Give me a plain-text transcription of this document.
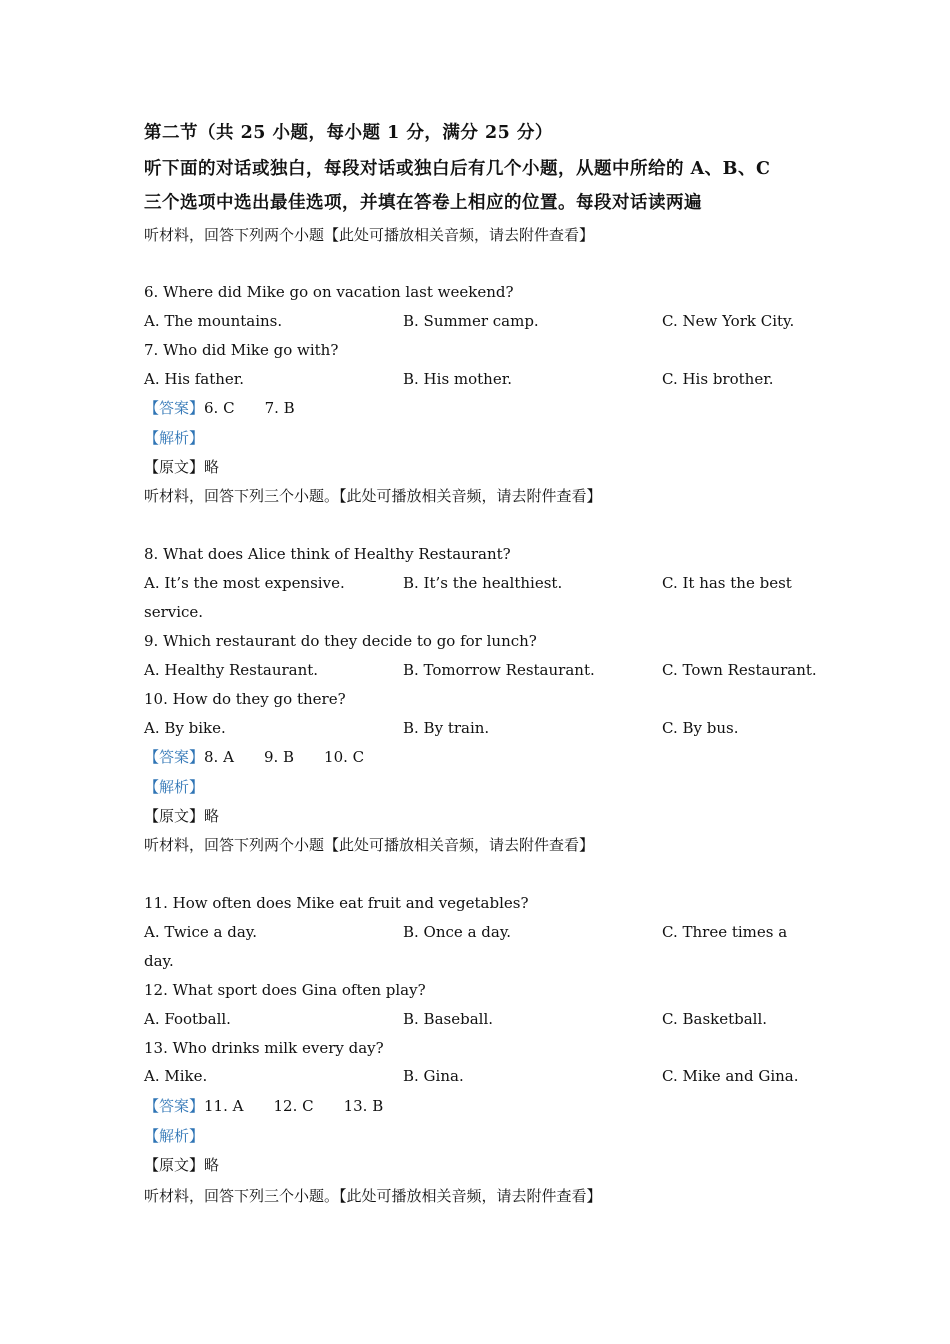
第二节（共 25 小题，每小题 1 分，满分 25 分）
听下面的对话或独白，每段对话或独白后有几个小题，从题中所给的 A、B、C
三个选项中选出最佳选项，并填在答卷上相应的位置。每段对话读两遍
听材料，回答下列两个小题【此处可播放相关音频，请去附件查看】
6. Where did Mike go on vacation last weekend?
A. The mountains.	B. Summer camp.	C. New York City.
7. Who did Mike go with?
A. His father.	B. His mother.	C. His brother.
【答案】6. C 7. B
【解析】
【原文】略
听材料，回答下列三个小题。【此处可播放相关音频，请去附件查看】
8. What does Alice think of Healthy Restaurant?
A. It’s the most expensive.	B. It’s the healthiest.	C. It has the best
service.
9. Which restaurant do they decide to go for lunch?
A. Healthy Restaurant.	B. Tomorrow Restaurant.	C. Town Restaurant.
10. How do they go there?
A. By bike.	B. By train.	C. By bus.
【答案】8. A 9. B 10. C
【解析】
【原文】略
听材料，回答下列两个小题【此处可播放相关音频，请去附件查看】
11. How often does Mike eat fruit and vegetables?
A. Twice a day.	B. Once a day.	C. Three times a
day.
12. What sport does Gina often play?
A. Football.	B. Baseball.	C. Basketball.
13. Who drinks milk every day?
A. Mike.	B. Gina.	C. Mike and Gina.
【答案】11. A 12. C 13. B
【解析】
【原文】略
听材料，回答下列三个小题。【此处可播放相关音频，请去附件查看】
